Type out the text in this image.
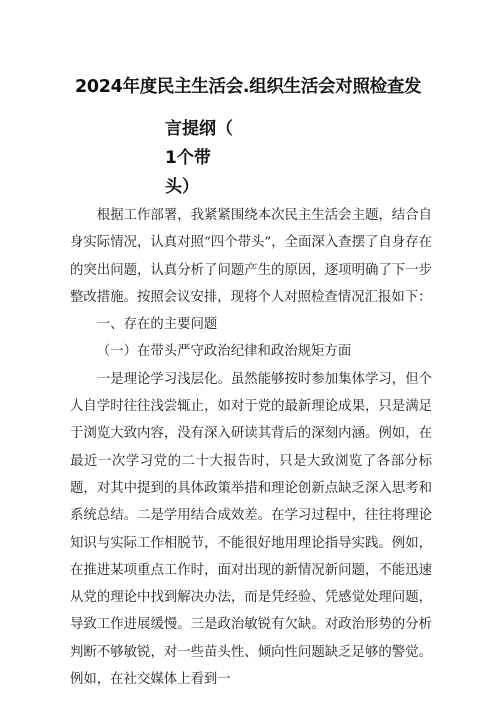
2024年度民主生活会.组织生活会对照检查发
言提纲（
1个带
头）

根据工作部署，我紧紧围绕本次民主生活会主题，结合自身实际情况，认真对照“四个带头”，全面深入查摆了自身存在的突出问题，认真分析了问题产生的原因，逐项明确了下一步整改措施。按照会议安排，现将个人对照检查情况汇报如下：

一、存在的主要问题

（一）在带头严守政治纪律和政治规矩方面

一是理论学习浅层化。虽然能够按时参加集体学习，但个人自学时往往浅尝辄止，如对于党的最新理论成果，只是满足于浏览大致内容，没有深入研读其背后的深刻内涵。例如，在最近一次学习党的二十大报告时，只是大致浏览了各部分标题，对其中提到的具体政策举措和理论创新点缺乏深入思考和系统总结。二是学用结合成效差。在学习过程中，往往将理论知识与实际工作相脱节，不能很好地用理论指导实践。例如，在推进某项重点工作时，面对出现的新情况新问题，不能迅速从党的理论中找到解决办法，而是凭经验、凭感觉处理问题，导致工作进展缓慢。三是政治敏锐有欠缺。对政治形势的分析判断不够敏锐，对一些苗头性、倾向性问题缺乏足够的警觉。例如，在社交媒体上看到一
